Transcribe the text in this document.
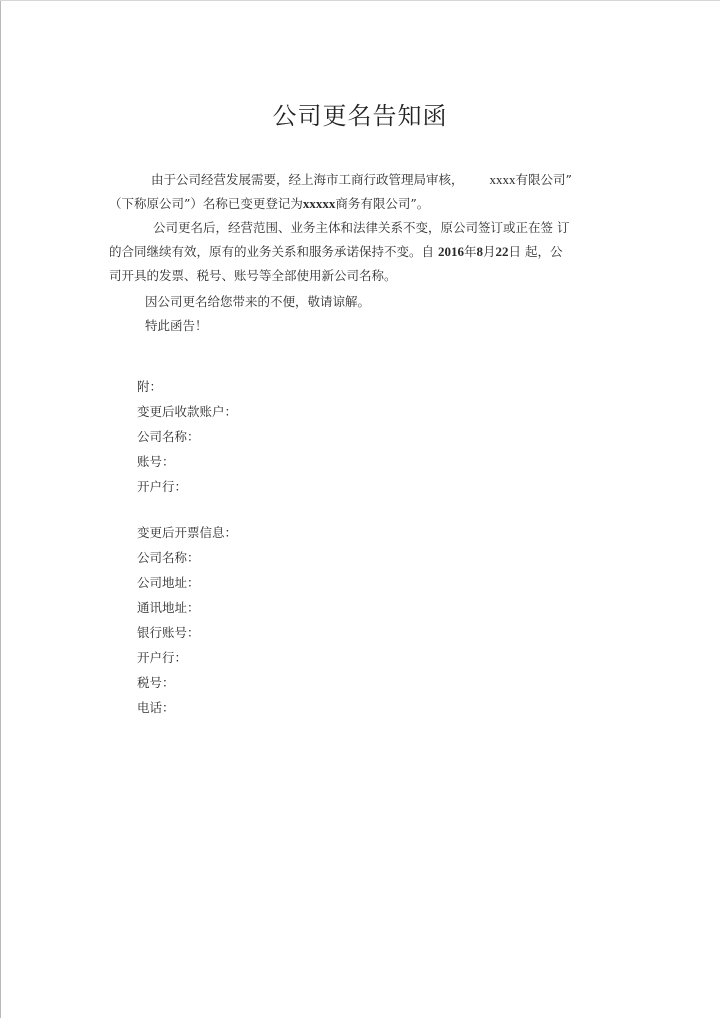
公司更名告知函
由于公司经营发展需要，经上海市工商行政管理局审核， xxxx有限公司”
（下称原公司”）名称已变更登记为xxxxx商务有限公司”。
公司更名后，经营范围、业务主体和法律关系不变，原公司签订或正在签 订
的合同继续有效，原有的业务关系和服务承诺保持不变。自 2016年8月22日 起，公
司开具的发票、税号、账号等全部使用新公司名称。
因公司更名给您带来的不便，敬请谅解。
特此函告！
附：
变更后收款账户：
公司名称：
账号：
开户行：
变更后开票信息：
公司名称：
公司地址：
通讯地址：
银行账号：
开户行：
税号：
电话：
